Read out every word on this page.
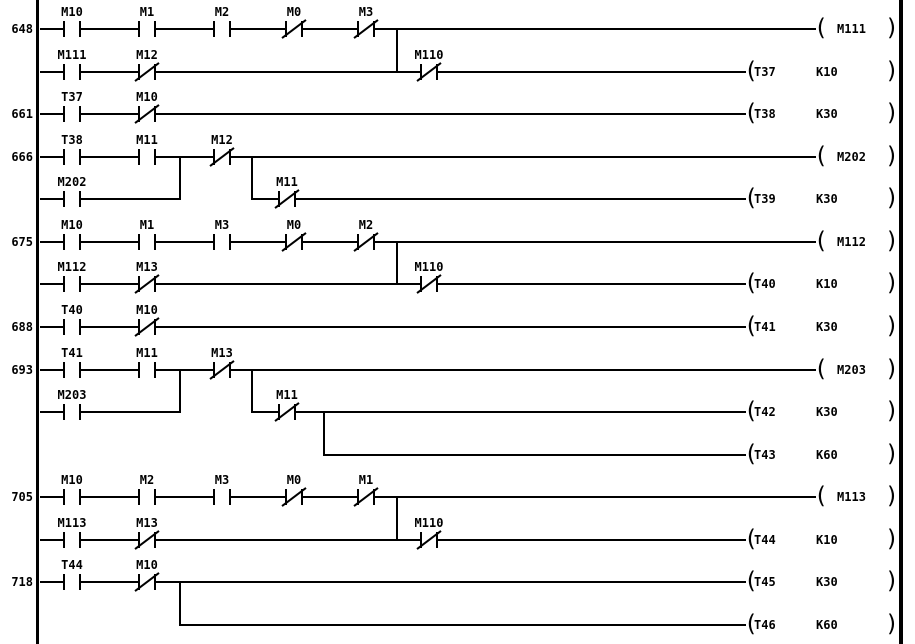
648
M10	M1	M2	M0	M3
( )
M111
M111	M12	M110
(	)
T37	K10
661
T37	M10
(	)
T38	K30
666
T38	M11	M12
( )
M202
M202	M11
(	)
T39	K30
675
M10	M1	M3	M0	M2
( )
M112
M112	M13	M110
(	)
T40	K10
688
T40	M10
(	)
T41	K30
693
T41	M11	M13
( )
M203
M203	M11
(	)
T42	K30
(	)
T43	K60
705
M10	M2	M3	M0	M1
( )
M113
M113	M13	M110
(	)
T44	K10
718
T44	M10
(	)
T45	K30
(	)
T46	K60
